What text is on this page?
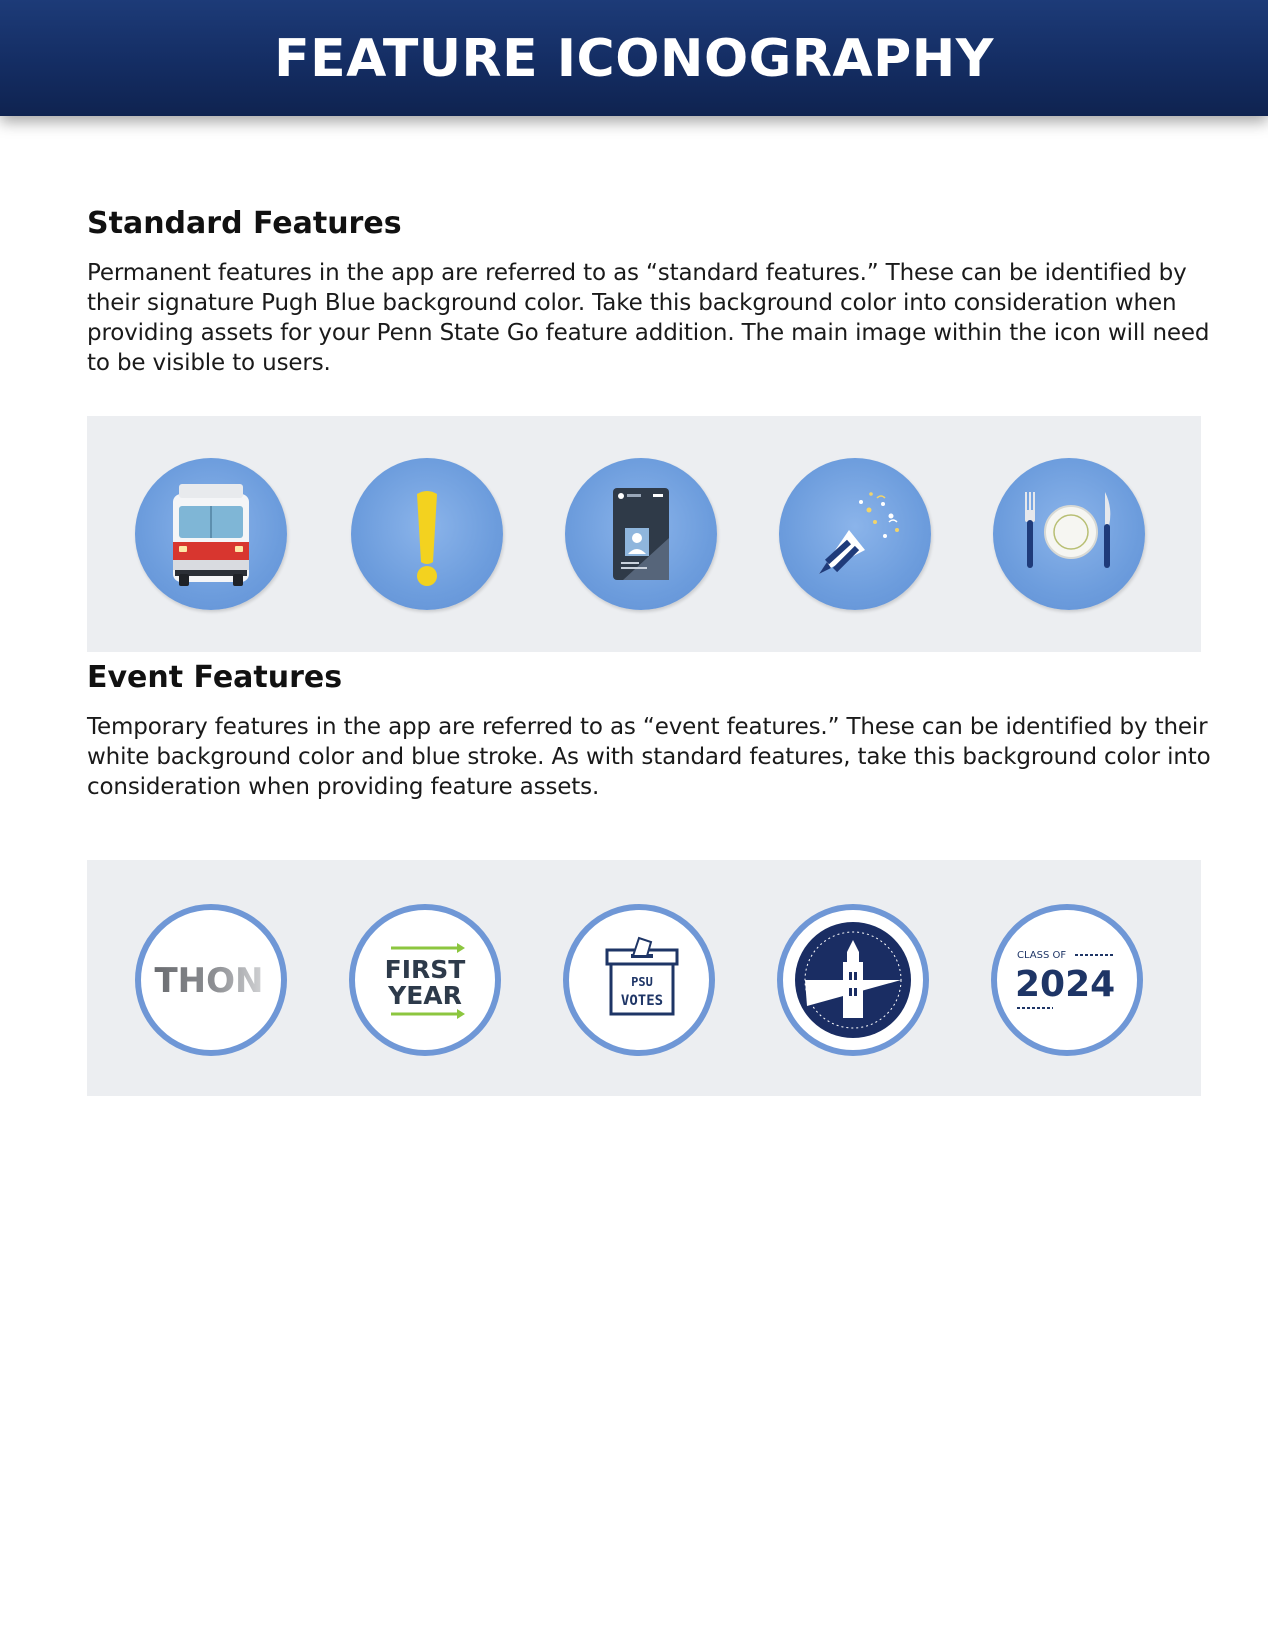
FEATURE ICONOGRAPHY
Standard Features

Permanent features in the app are referred to as “standard features.” These can be identified by their signature Pugh Blue background color. Take this background color into consideration when providing assets for your Penn State Go feature addition. The main image within the icon will need to be visible to users.

Event Features

Temporary features in the app are referred to as “event features.” These can be identified by their white background color and blue stroke. As with standard features, take this background color into consideration when providing feature assets.

THON	FIRST
YEAR	PSU
VOTES
CLASS OF
2024
